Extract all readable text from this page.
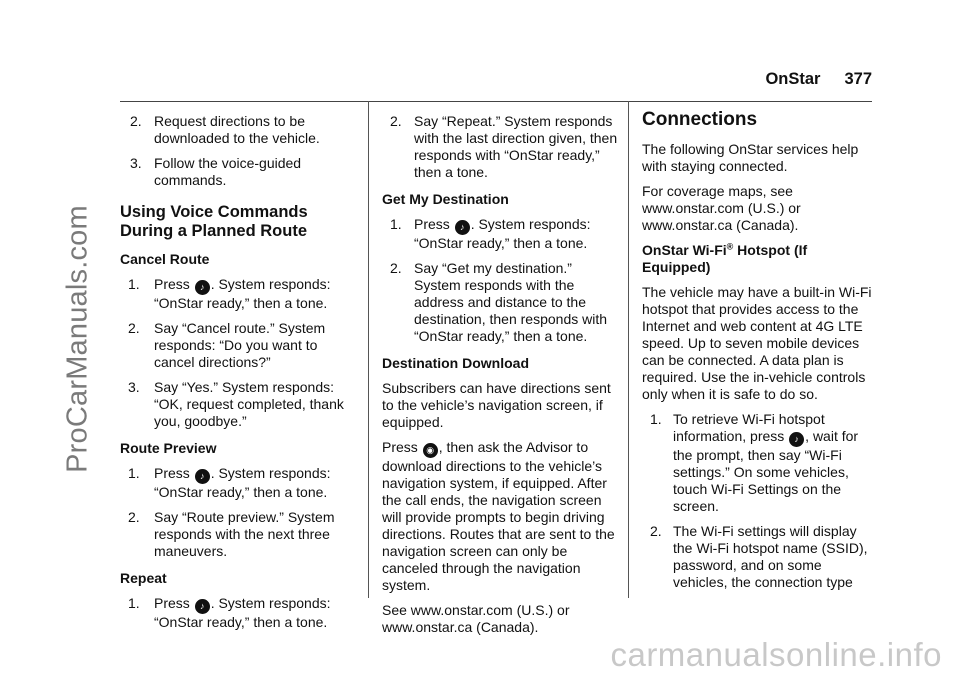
ProCarManuals.com
carmanualsonline.info
OnStar 377
2. Request directions to be downloaded to the vehicle.
3. Follow the voice-guided commands.
Using Voice Commands During a Planned Route
Cancel Route
1.	Press ♪ . System responds: “OnStar ready,” then a tone.
2.	Say “Cancel route.” System responds: “Do you want to cancel directions?”
3.	Say “Yes.” System responds: “OK, request completed, thank you, goodbye.”
Route Preview
1.	Press ♪ . System responds: “OnStar ready,” then a tone.
2.	Say “Route preview.” System responds with the next three maneuvers.
Repeat
1.	Press ♪ . System responds: “OnStar ready,” then a tone.
2. Say “Repeat.” System responds with the last direction given, then responds with “OnStar ready,” then a tone.
Get My Destination
1. Press ♪ . System responds: “OnStar ready,” then a tone.
2. Say “Get my destination.” System responds with the address and distance to the destination, then responds with “OnStar ready,” then a tone.
Destination Download

Subscribers can have directions sent to the vehicle’s navigation screen, if equipped.

Press ◉ , then ask the Advisor to download directions to the vehicle’s navigation system, if equipped. After the call ends, the navigation screen will provide prompts to begin driving directions. Routes that are sent to the navigation screen can only be canceled through the navigation system.

See www.onstar.com (U.S.) or www.onstar.ca (Canada).

Connections

The following OnStar services help with staying connected.

For coverage maps, see www.onstar.com (U.S.) or www.onstar.ca (Canada).

OnStar Wi-Fi® Hotspot (If Equipped)

The vehicle may have a built-in Wi-Fi hotspot that provides access to the Internet and web content at 4G LTE speed. Up to seven mobile devices can be connected. A data plan is required. Use the in-vehicle controls only when it is safe to do so.

1. To retrieve Wi-Fi hotspot information, press ♪ , wait for the prompt, then say “Wi-Fi settings.” On some vehicles, touch Wi-Fi Settings on the screen.
2. The Wi-Fi settings will display the Wi-Fi hotspot name (SSID), password, and on some vehicles, the connection type
